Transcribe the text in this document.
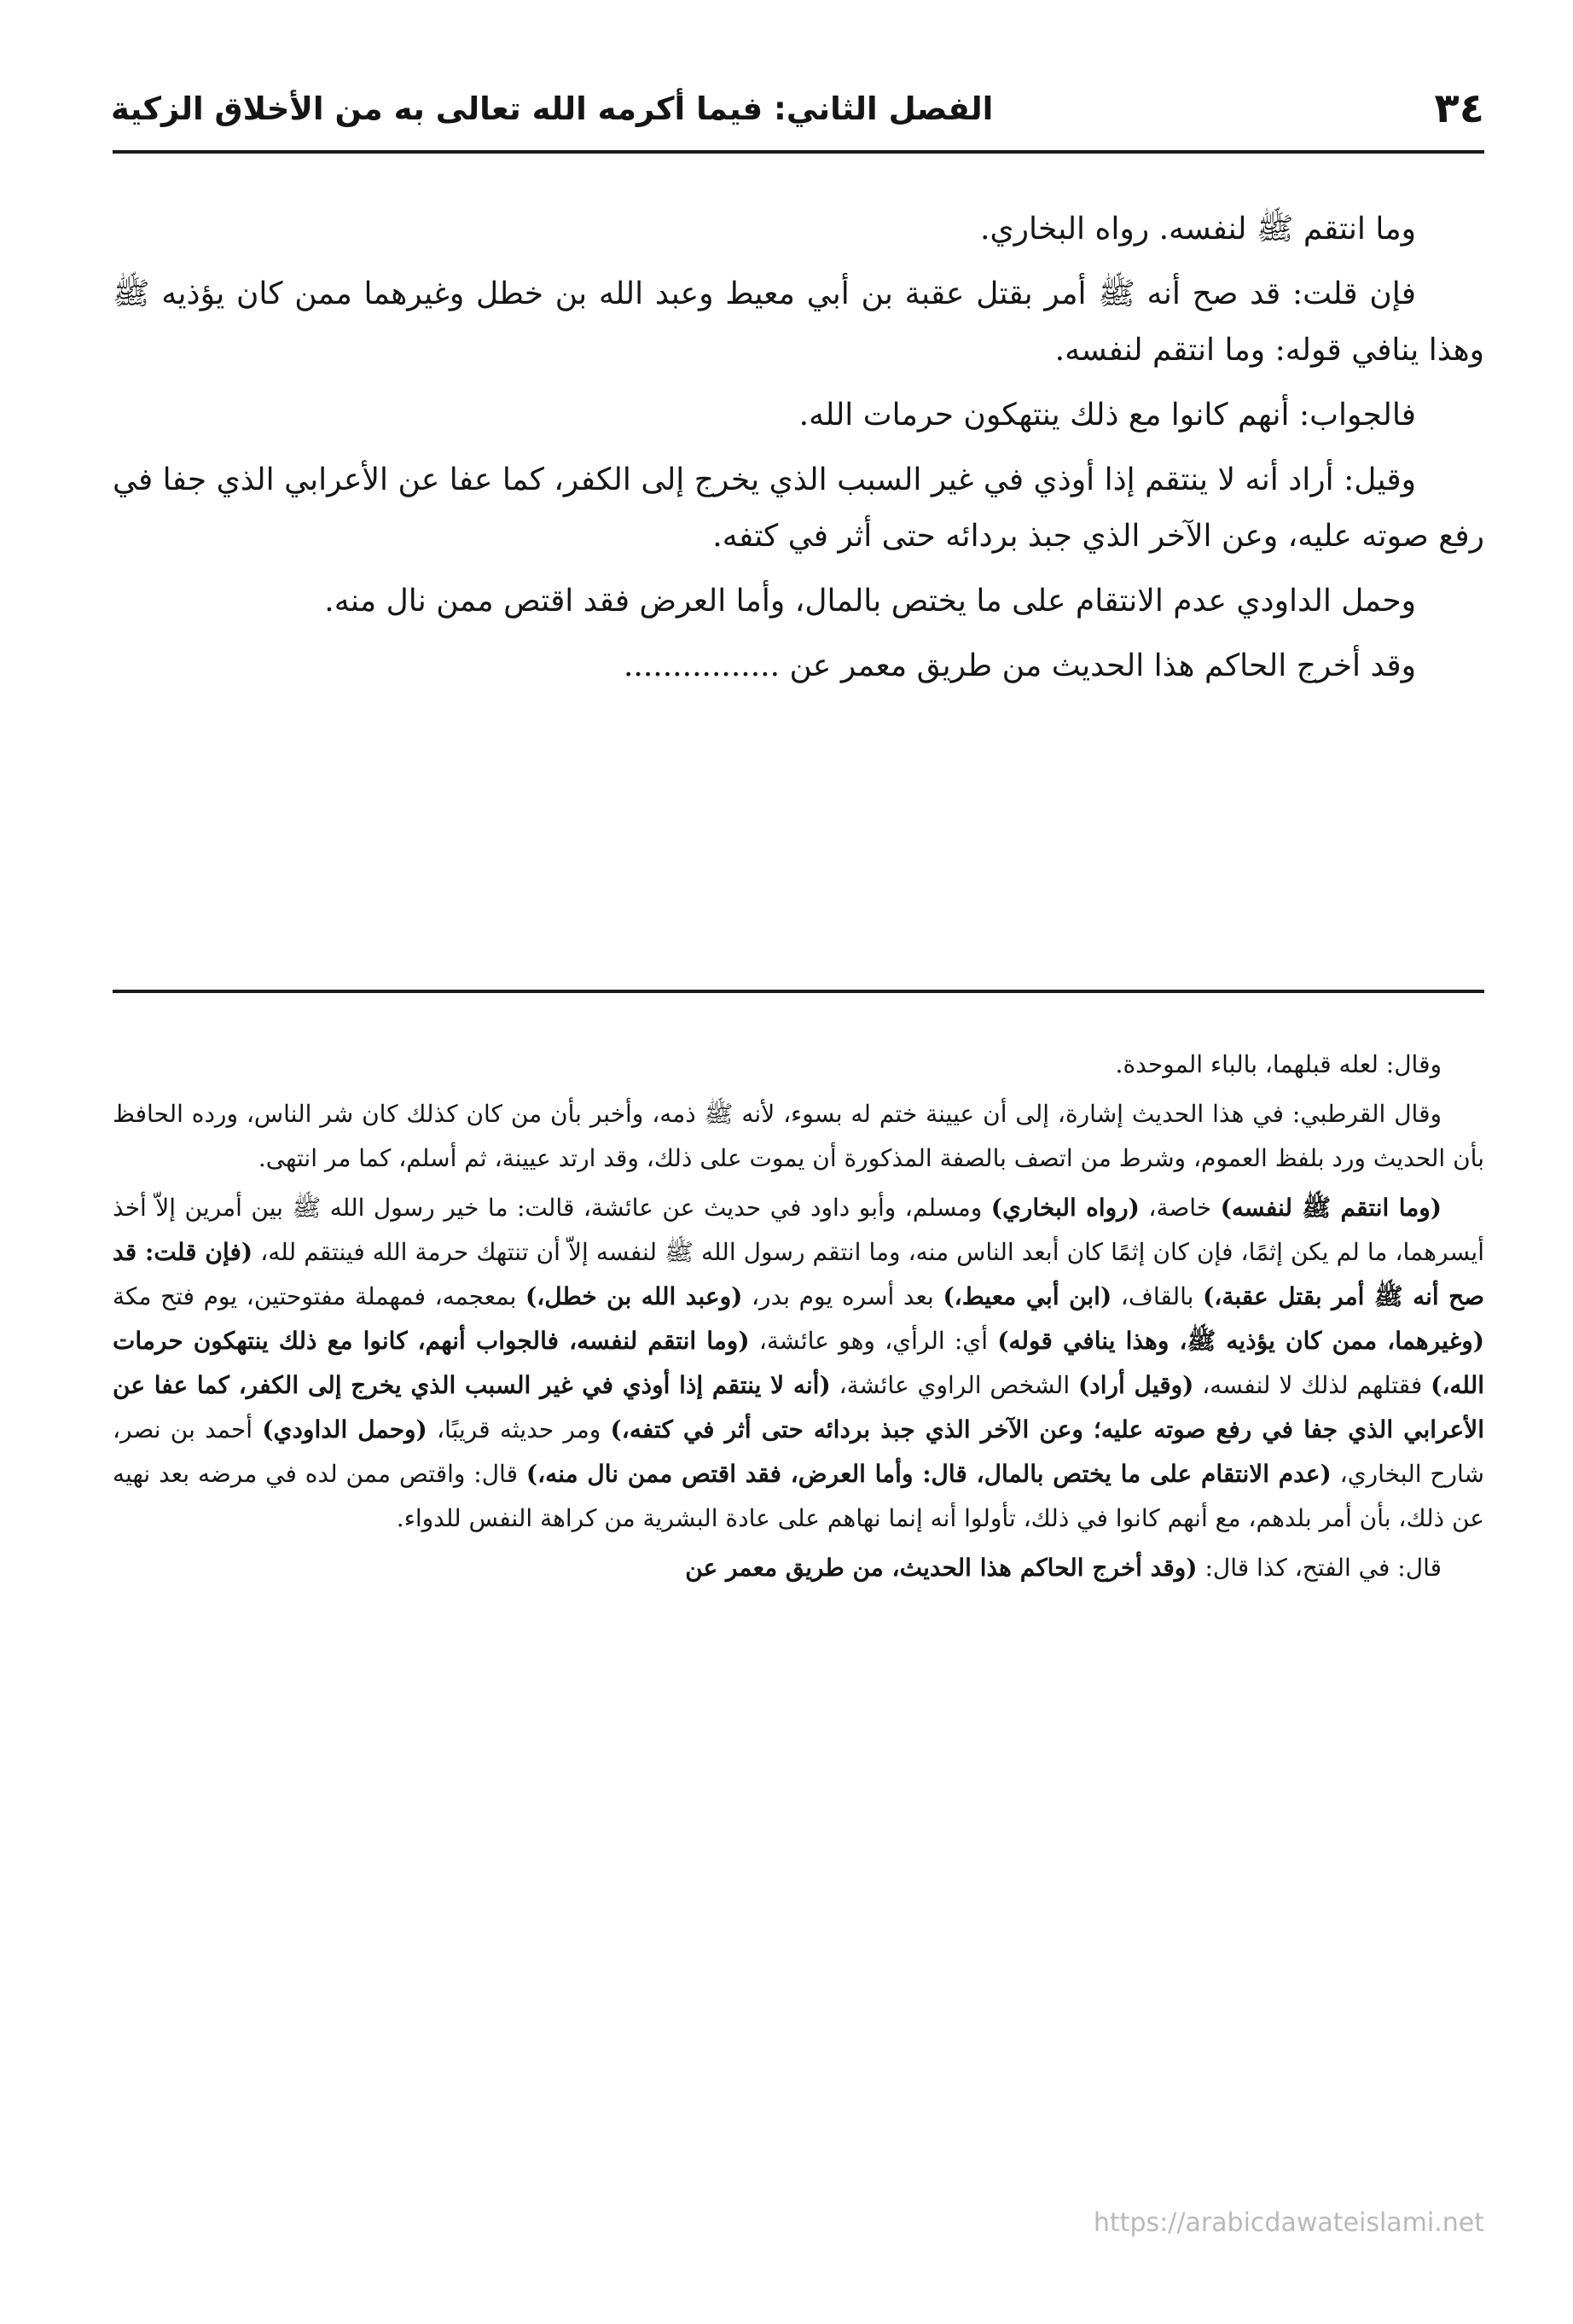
٣٤
الفصل الثاني: فيما أكرمه الله تعالى به من الأخلاق الزكية

وما انتقم ﷺ لنفسه. رواه البخاري.

فإن قلت: قد صح أنه ﷺ أمر بقتل عقبة بن أبي معيط وعبد الله بن خطل وغيرهما ممن كان يؤذيه ﷺ وهذا ينافي قوله: وما انتقم لنفسه.

فالجواب: أنهم كانوا مع ذلك ينتهكون حرمات الله.

وقيل: أراد أنه لا ينتقم إذا أوذي في غير السبب الذي يخرج إلى الكفر، كما عفا عن الأعرابي الذي جفا في رفع صوته عليه، وعن الآخر الذي جبذ بردائه حتى أثر في كتفه.

وحمل الداودي عدم الانتقام على ما يختص بالمال، وأما العرض فقد اقتص ممن نال منه.

وقد أخرج الحاكم هذا الحديث من طريق معمر عن ................

وقال: لعله قبلهما، بالباء الموحدة.

وقال القرطبي: في هذا الحديث إشارة، إلى أن عيينة ختم له بسوء، لأنه ﷺ ذمه، وأخبر بأن من كان كذلك كان شر الناس، ورده الحافظ بأن الحديث ورد بلفظ العموم، وشرط من اتصف بالصفة المذكورة أن يموت على ذلك، وقد ارتد عيينة، ثم أسلم، كما مر انتهى.

(وما انتقم ﷺ لنفسه) خاصة، (رواه البخاري) ومسلم، وأبو داود في حديث عن عائشة، قالت: ما خير رسول الله ﷺ بين أمرين إلاّ أخذ أيسرهما، ما لم يكن إثمًا، فإن كان إثمًا كان أبعد الناس منه، وما انتقم رسول الله ﷺ لنفسه إلاّ أن تنتهك حرمة الله فينتقم لله، (فإن قلت: قد صح أنه ﷺ أمر بقتل عقبة،) بالقاف، (ابن أبي معيط،) بعد أسره يوم بدر، (وعبد الله بن خطل،) بمعجمه، فمهملة مفتوحتين، يوم فتح مكة (وغيرهما، ممن كان يؤذيه ﷺ، وهذا ينافي قوله) أي: الرأي، وهو عائشة، (وما انتقم لنفسه، فالجواب أنهم، كانوا مع ذلك ينتهكون حرمات الله،) فقتلهم لذلك لا لنفسه، (وقيل أراد) الشخص الراوي عائشة، (أنه لا ينتقم إذا أوذي في غير السبب الذي يخرج إلى الكفر، كما عفا عن الأعرابي الذي جفا في رفع صوته عليه؛ وعن الآخر الذي جبذ بردائه حتى أثر في كتفه،) ومر حديثه قريبًا، (وحمل الداودي) أحمد بن نصر، شارح البخاري، (عدم الانتقام على ما يختص بالمال، قال: وأما العرض، فقد اقتص ممن نال منه،) قال: واقتص ممن لده في مرضه بعد نهيه عن ذلك، بأن أمر بلدهم، مع أنهم كانوا في ذلك، تأولوا أنه إنما نهاهم على عادة البشرية من كراهة النفس للدواء.

قال: في الفتح، كذا قال: (وقد أخرج الحاكم هذا الحديث، من طريق معمر عن

https://arabicdawateislami.net
